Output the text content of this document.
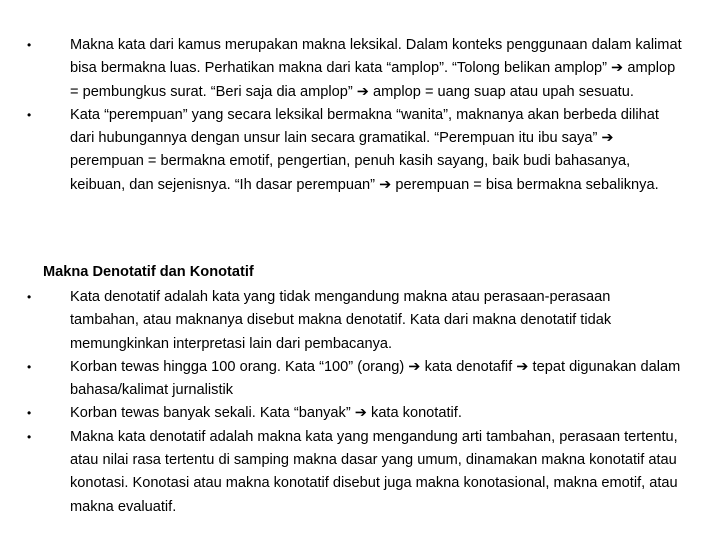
•	Makna kata dari kamus merupakan makna leksikal. Dalam konteks penggunaan dalam kalimat bisa bermakna luas. Perhatikan makna dari kata “amplop”. “Tolong belikan amplop” ➔ amplop = pembungkus surat. “Beri saja dia amplop” ➔ amplop = uang suap atau upah sesuatu.
•	Kata “perempuan” yang secara leksikal bermakna “wanita”, maknanya akan berbeda dilihat dari hubungannya dengan unsur lain secara gramatikal. “Perempuan itu ibu saya” ➔ perempuan = bermakna emotif, pengertian, penuh kasih sayang, baik budi bahasanya, keibuan, dan sejenisnya. “Ih dasar perempuan” ➔ perempuan = bisa bermakna sebaliknya.
Makna Denotatif dan Konotatif
•	Kata denotatif adalah kata yang tidak mengandung makna atau perasaan-perasaan tambahan, atau maknanya disebut makna denotatif. Kata dari makna denotatif tidak memungkinkan interpretasi lain dari pembacanya.
•	Korban tewas hingga 100 orang. Kata “100” (orang) ➔ kata denotafif ➔ tepat digunakan dalam bahasa/kalimat jurnalistik
•	Korban tewas banyak sekali. Kata “banyak” ➔ kata konotatif.
•	Makna kata denotatif adalah makna kata yang mengandung arti tambahan, perasaan tertentu, atau nilai rasa tertentu di samping makna dasar yang umum, dinamakan makna konotatif atau konotasi. Konotasi atau makna konotatif disebut juga makna konotasional, makna emotif, atau makna evaluatif.
